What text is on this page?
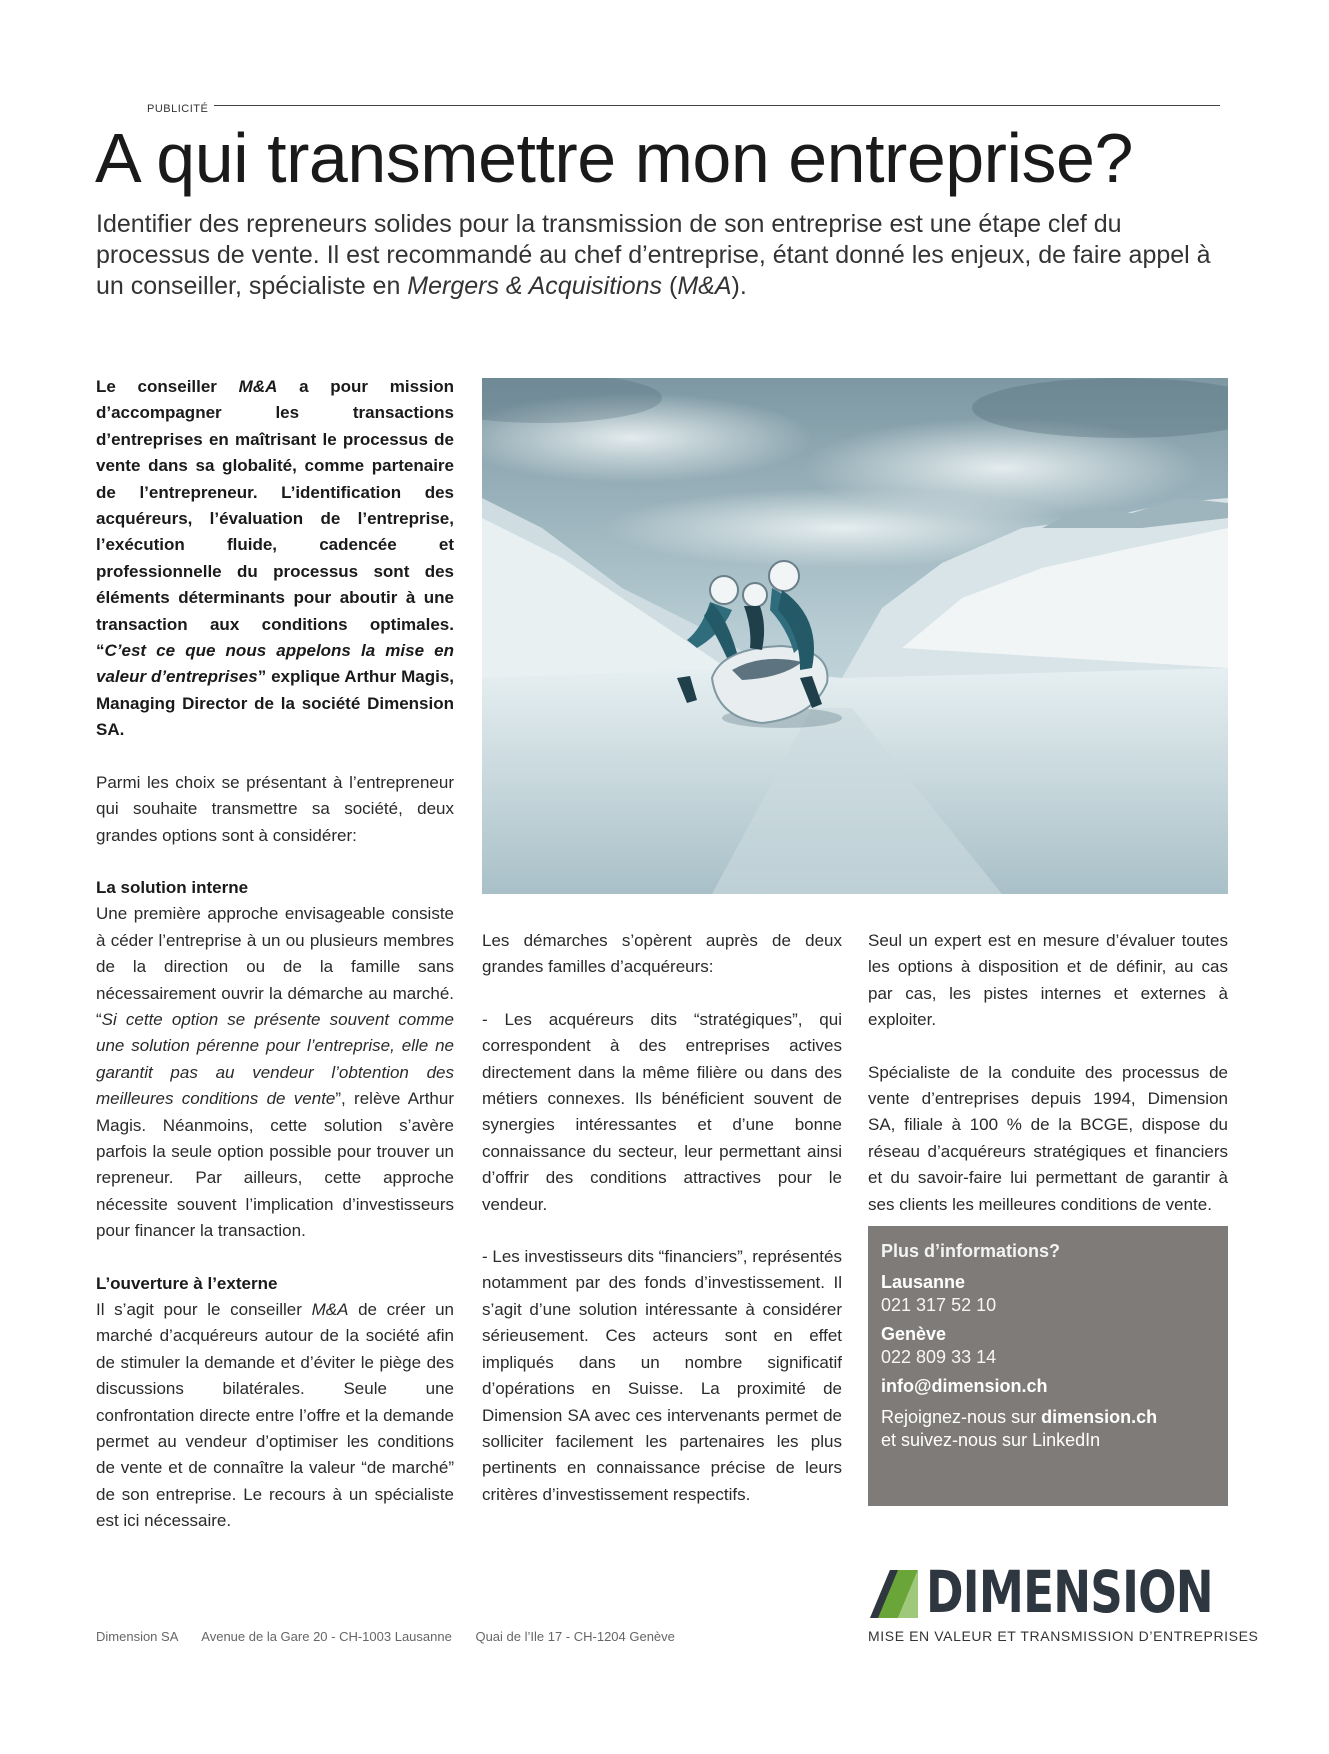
PUBLICITÉ
A qui transmettre mon entreprise?
Identifier des repreneurs solides pour la transmission de son entreprise est une étape clef du processus de vente. Il est recommandé au chef d’entreprise, étant donné les enjeux, de faire appel à un conseiller, spécialiste en Mergers & Acquisitions (M&A).

Le conseiller M&A a pour mission d’accompagner les transactions d’entreprises en maîtrisant le processus de vente dans sa globalité, comme partenaire de l’entrepreneur. L’identification des acquéreurs, l’évaluation de l’entreprise, l’exécution fluide, cadencée et professionnelle du processus sont des éléments déterminants pour aboutir à une transaction aux conditions optimales. “C’est ce que nous appelons la mise en valeur d’entreprises” explique Arthur Magis, Managing Director de la société Dimension SA.

Parmi les choix se présentant à l’entrepreneur qui souhaite transmettre sa société, deux grandes options sont à considérer:

La solution interne
Une première approche envisageable consiste à céder l’entreprise à un ou plusieurs membres de la direction ou de la famille sans nécessairement ouvrir la démarche au marché. “Si cette option se présente souvent comme une solution pérenne pour l’entreprise, elle ne garantit pas au vendeur l’obtention des meilleures conditions de vente”, relève Arthur Magis. Néanmoins, cette solution s’avère parfois la seule option possible pour trouver un repreneur. Par ailleurs, cette approche nécessite souvent l’implication d’investisseurs pour financer la transaction.

L’ouverture à l’externe
Il s’agit pour le conseiller M&A de créer un marché d’acquéreurs autour de la société afin de stimuler la demande et d’éviter le piège des discussions bilatérales. Seule une confrontation directe entre l’offre et la demande permet au vendeur d’optimiser les conditions de vente et de connaître la valeur “de marché” de son entreprise. Le recours à un spécialiste est ici nécessaire.

Les démarches s’opèrent auprès de deux grandes familles d’acquéreurs:

- Les acquéreurs dits “stratégiques”, qui correspondent à des entreprises actives directement dans la même filière ou dans des métiers connexes. Ils bénéficient souvent de synergies intéressantes et d’une bonne connaissance du secteur, leur permettant ainsi d’offrir des conditions attractives pour le vendeur.

- Les investisseurs dits “financiers”, représentés notamment par des fonds d’investissement. Il s’agit d’une solution intéressante à considérer sérieusement. Ces acteurs sont en effet impliqués dans un nombre significatif d’opérations en Suisse. La proximité de Dimension SA avec ces intervenants permet de solliciter facilement les partenaires les plus pertinents en connaissance précise de leurs critères d’investissement respectifs.

Seul un expert est en mesure d’évaluer toutes les options à disposition et de définir, au cas par cas, les pistes internes et externes à exploiter.

Spécialiste de la conduite des processus de vente d’entreprises depuis 1994, Dimension SA, filiale à 100 % de la BCGE, dispose du réseau d’acquéreurs stratégiques et financiers et du savoir-faire lui permettant de garantir à ses clients les meilleures conditions de vente.

Plus d’informations?
Lausanne
021 317 52 10
Genève
022 809 33 14
info@dimension.ch
Rejoignez-nous sur dimension.ch
et suivez-nous sur LinkedIn
DIMENSION
MISE EN VALEUR ET TRANSMISSION D’ENTREPRISES
Dimension SA Avenue de la Gare 20 - CH-1003 Lausanne Quai de l’Ile 17 - CH-1204 Genève
